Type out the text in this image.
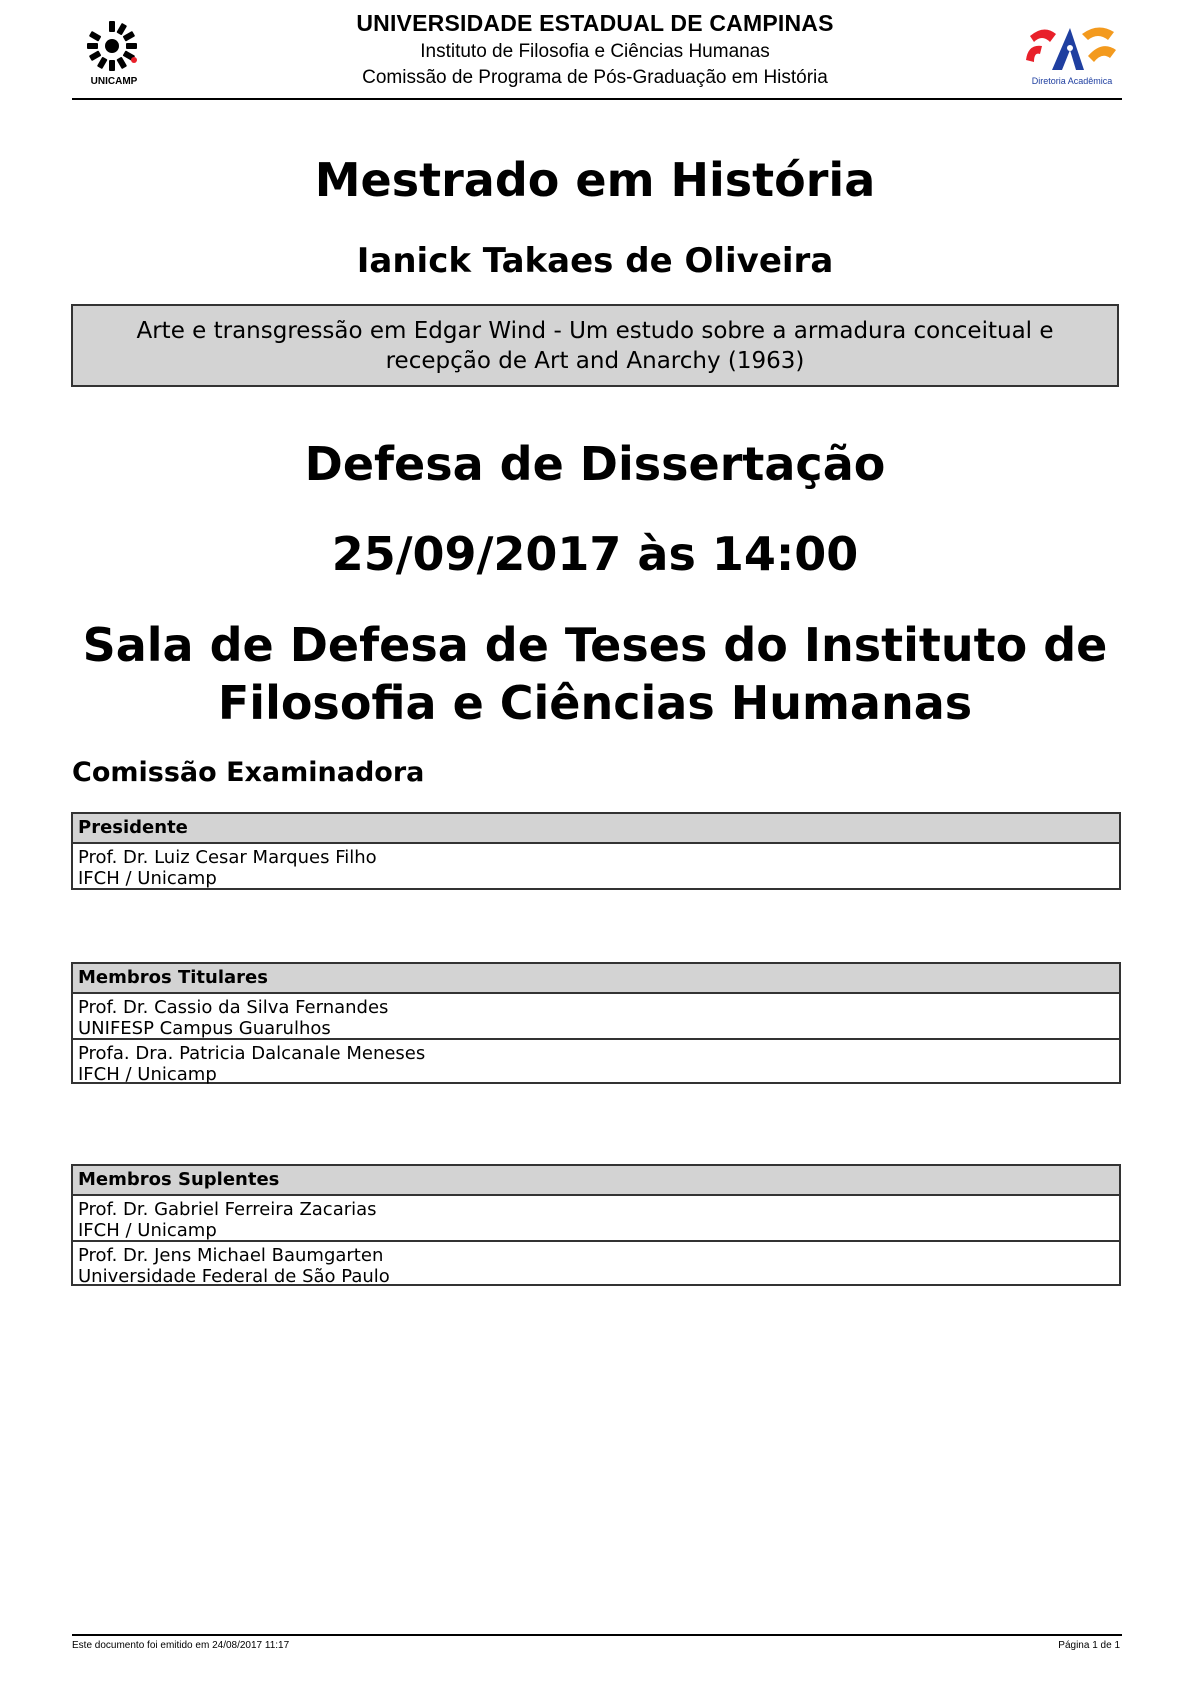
UNICAMP
UNIVERSIDADE ESTADUAL DE CAMPINAS
Instituto de Filosofia e Ciências Humanas
Comissão de Programa de Pós-Graduação em História	Diretoria Acadêmica
Mestrado em História
Ianick Takaes de Oliveira
Arte e transgressão em Edgar Wind - Um estudo sobre a armadura conceitual e recepção de Art and Anarchy (1963)
Defesa de Dissertação
25/09/2017 às 14:00
Sala de Defesa de Teses do Instituto de Filosofia e Ciências Humanas
Comissão Examinadora
Presidente
Prof. Dr. Luiz Cesar Marques Filho
IFCH / Unicamp
Membros Titulares
Prof. Dr. Cassio da Silva Fernandes
UNIFESP Campus Guarulhos
Profa. Dra. Patricia Dalcanale Meneses
IFCH / Unicamp
Membros Suplentes
Prof. Dr. Gabriel Ferreira Zacarias
IFCH / Unicamp
Prof. Dr. Jens Michael Baumgarten
Universidade Federal de São Paulo
Este documento foi emitido em 24/08/2017 11:17	Página 1 de 1
